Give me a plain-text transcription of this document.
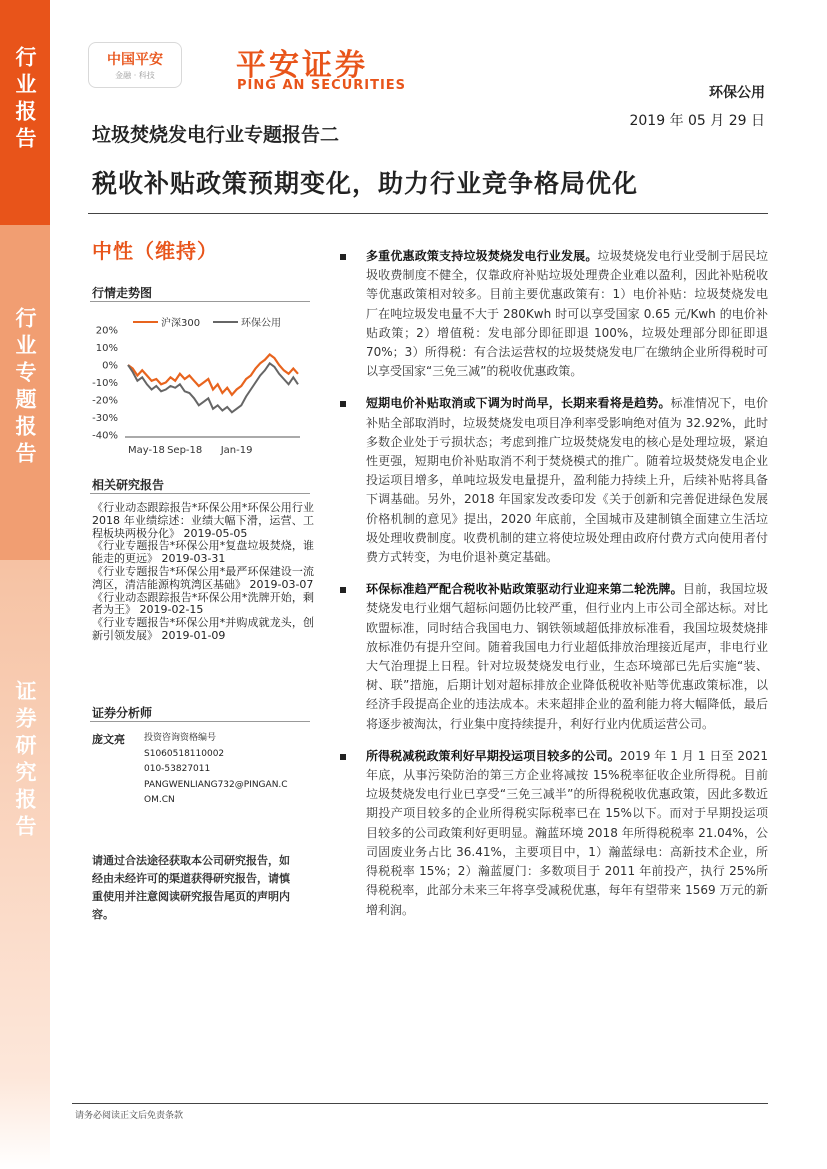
行业报告
行业专题报告
证券研究报告
中国平安
金融 · 科技	平安证券
PING AN SECURITIES	环保公用
2019 年 05 月 29 日
垃圾焚烧发电行业专题报告二
税收补贴政策预期变化，助力行业竞争格局优化
中性（维持）
行情走势图
沪深300	环保公用
20%
10%
0%
-10%
-20%
-30%
-40%
May-18 Sep-18 Jan-19
相关研究报告
《行业动态跟踪报告*环保公用*环保公用行业 2018 年业绩综述：业绩大幅下滑，运营、工程板块两极分化》 2019-05-05
《行业专题报告*环保公用*复盘垃圾焚烧，谁能走的更远》 2019-03-31
《行业专题报告*环保公用*最严环保建设一流湾区，清洁能源构筑湾区基础》 2019-03-07
《行业动态跟踪报告*环保公用*洗牌开始，剩者为王》 2019-02-15
《行业专题报告*环保公用*并购成就龙头，创新引领发展》 2019-01-09
证券分析师
庞文亮 投资咨询资格编号
S1060518110002
010-53827011
PANGWENLIANG732@PINGAN.COM.CN
请通过合法途径获取本公司研究报告，如经由未经许可的渠道获得研究报告，请慎重使用并注意阅读研究报告尾页的声明内容。
多重优惠政策支持垃圾焚烧发电行业发展。垃圾焚烧发电行业受制于居民垃圾收费制度不健全，仅靠政府补贴垃圾处理费企业难以盈利，因此补贴税收等优惠政策相对较多。目前主要优惠政策有：1）电价补贴：垃圾焚烧发电厂在吨垃圾发电量不大于 280Kwh 时可以享受国家 0.65 元/Kwh 的电价补贴政策；2）增值税：发电部分即征即退 100%，垃圾处理部分即征即退 70%；3）所得税：有合法运营权的垃圾焚烧发电厂在缴纳企业所得税时可以享受国家“三免三减”的税收优惠政策。
短期电价补贴取消或下调为时尚早，长期来看将是趋势。标准情况下，电价补贴全部取消时，垃圾焚烧发电项目净利率受影响绝对值为 32.92%，此时多数企业处于亏损状态；考虑到推广垃圾焚烧发电的核心是处理垃圾，紧迫性更强，短期电价补贴取消不利于焚烧模式的推广。随着垃圾焚烧发电企业投运项目增多，单吨垃圾发电量提升，盈利能力持续上升，后续补贴将具备下调基础。另外，2018 年国家发改委印发《关于创新和完善促进绿色发展价格机制的意见》提出，2020 年底前，全国城市及建制镇全面建立生活垃圾处理收费制度。收费机制的建立将使垃圾处理由政府付费方式向使用者付费方式转变，为电价退补奠定基础。
环保标准趋严配合税收补贴政策驱动行业迎来第二轮洗牌。目前，我国垃圾焚烧发电行业烟气超标问题仍比较严重，但行业内上市公司全部达标。对比欧盟标准，同时结合我国电力、钢铁领域超低排放标准看，我国垃圾焚烧排放标准仍有提升空间。随着我国电力行业超低排放治理接近尾声，非电行业大气治理提上日程。针对垃圾焚烧发电行业，生态环境部已先后实施“装、树、联”措施，后期计划对超标排放企业降低税收补贴等优惠政策标准，以经济手段提高企业的违法成本。未来超排企业的盈利能力将大幅降低，最后将逐步被淘汰，行业集中度持续提升，利好行业内优质运营公司。
所得税减税政策利好早期投运项目较多的公司。2019 年 1 月 1 日至 2021 年底，从事污染防治的第三方企业将减按 15%税率征收企业所得税。目前垃圾焚烧发电行业已享受“三免三减半”的所得税税收优惠政策，因此多数近期投产项目较多的企业所得税实际税率已在 15%以下。而对于早期投运项目较多的公司政策利好更明显。瀚蓝环境 2018 年所得税税率 21.04%，公司固废业务占比 36.41%，主要项目中，1）瀚蓝绿电：高新技术企业，所得税税率 15%；2）瀚蓝厦门：多数项目于 2011 年前投产，执行 25%所得税税率，此部分未来三年将享受减税优惠，每年有望带来 1569 万元的新增利润。
请务必阅读正文后免责条款
